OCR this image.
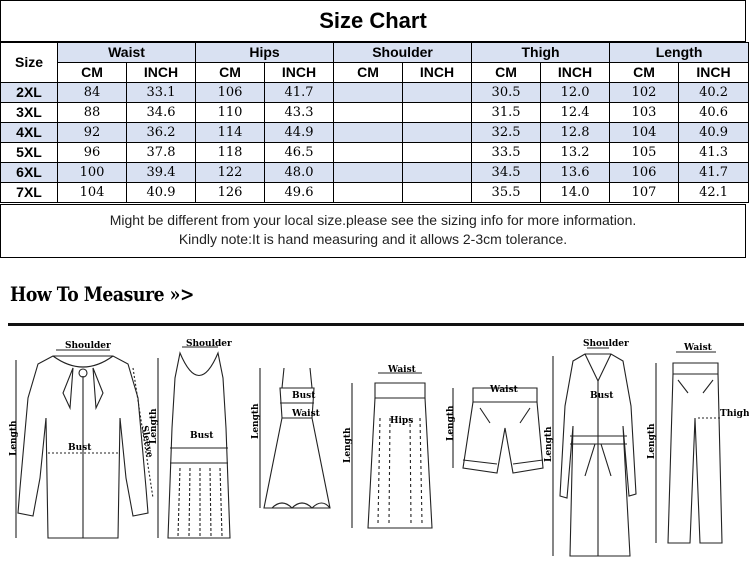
Size Chart
Size	Waist		Hips		Shoulder		Thigh		Length	
	CM	INCH	CM	INCH	CM	INCH	CM	INCH	CM	INCH
2XL	84	33.1	106	41.7			30.5	12.0	102	40.2
3XL	88	34.6	110	43.3			31.5	12.4	103	40.6
4XL	92	36.2	114	44.9			32.5	12.8	104	40.9
5XL	96	37.8	118	46.5			33.5	13.2	105	41.3
6XL	100	39.4	122	48.0			34.5	13.6	106	41.7
7XL	104	40.9	126	49.6			35.5	14.0	107	42.1
Might be different from your local size.please see the sizing info for more information.
Kindly note:It is hand measuring and it allows 2-3cm tolerance.
How To Measure »>
Shoulder
Bust
Length	Sleeve
Shoulder
Bust
Length
Bust
Waist
Length
Waist
Hips
Length
Waist
Length
Shoulder
Bust
Length
Waist
Thigh
Length
